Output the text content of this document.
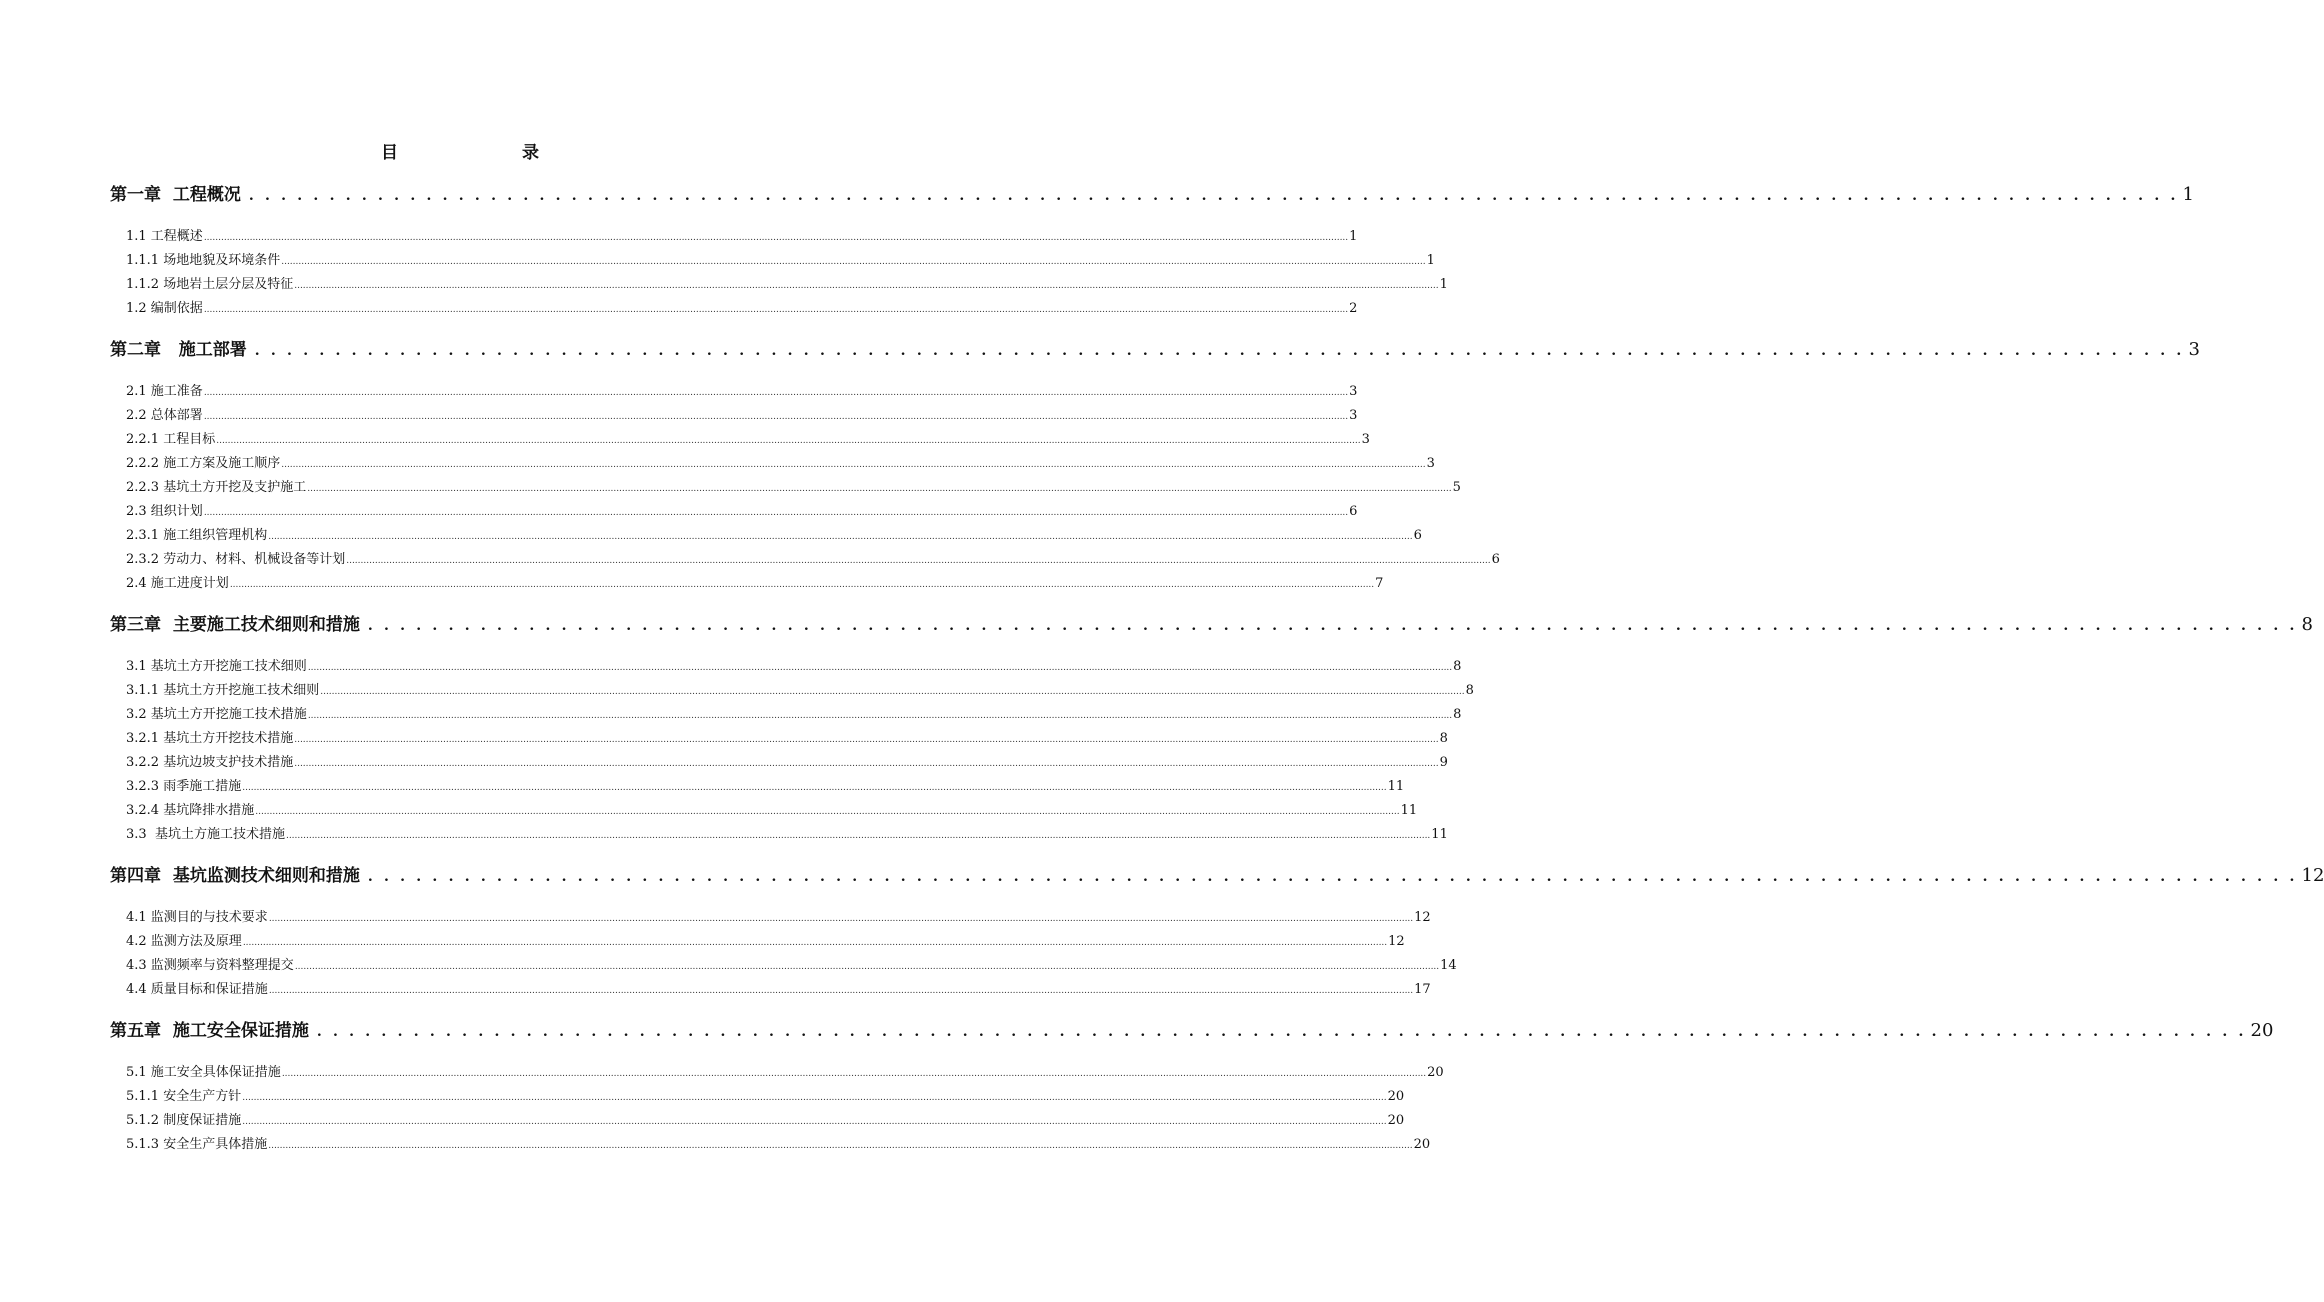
目　　录
第一章  工程概况 . . . . . . . . . . . . . . . . . . . . . . . . . . . . . . . . . . . . . . . . . . . . . . . . . . . . . . . . . . . . . . . . . . . . . . . . . . . . . . . . . . . . . . . . . . . . . . . . . . . . . . . . . . . . . . . . . . . . . . . . 1
1.1 工程概述 ................................................................................................................................................................................................................................................................................................................................................................................................................ 1
1.1.1 场地地貌及环境条件 ................................................................................................................................................................................................................................................................................................................................................................................................................ 1
1.1.2 场地岩土层分层及特征 ................................................................................................................................................................................................................................................................................................................................................................................................................ 1
1.2 编制依据 ................................................................................................................................................................................................................................................................................................................................................................................................................ 2
第二章   施工部署 . . . . . . . . . . . . . . . . . . . . . . . . . . . . . . . . . . . . . . . . . . . . . . . . . . . . . . . . . . . . . . . . . . . . . . . . . . . . . . . . . . . . . . . . . . . . . . . . . . . . . . . . . . . . . . . . . . . . . . . . 3
2.1 施工准备 ................................................................................................................................................................................................................................................................................................................................................................................................................ 3
2.2 总体部署 ................................................................................................................................................................................................................................................................................................................................................................................................................ 3
2.2.1 工程目标 ................................................................................................................................................................................................................................................................................................................................................................................................................ 3
2.2.2 施工方案及施工顺序 ................................................................................................................................................................................................................................................................................................................................................................................................................ 3
2.2.3 基坑土方开挖及支护施工 ................................................................................................................................................................................................................................................................................................................................................................................................................ 5
2.3 组织计划 ................................................................................................................................................................................................................................................................................................................................................................................................................ 6
2.3.1 施工组织管理机构 ................................................................................................................................................................................................................................................................................................................................................................................................................ 6
2.3.2 劳动力、材料、机械设备等计划 ................................................................................................................................................................................................................................................................................................................................................................................................................ 6
2.4 施工进度计划 ................................................................................................................................................................................................................................................................................................................................................................................................................ 7
第三章  主要施工技术细则和措施 . . . . . . . . . . . . . . . . . . . . . . . . . . . . . . . . . . . . . . . . . . . . . . . . . . . . . . . . . . . . . . . . . . . . . . . . . . . . . . . . . . . . . . . . . . . . . . . . . . . . . . . . . . . . . . . . . . . . . . . . 8
3.1 基坑土方开挖施工技术细则 ................................................................................................................................................................................................................................................................................................................................................................................................................ 8
3.1.1 基坑土方开挖施工技术细则 ................................................................................................................................................................................................................................................................................................................................................................................................................ 8
3.2 基坑土方开挖施工技术措施 ................................................................................................................................................................................................................................................................................................................................................................................................................ 8
3.2.1 基坑土方开挖技术措施 ................................................................................................................................................................................................................................................................................................................................................................................................................ 8
3.2.2 基坑边坡支护技术措施 ................................................................................................................................................................................................................................................................................................................................................................................................................ 9
3.2.3 雨季施工措施 ................................................................................................................................................................................................................................................................................................................................................................................................................ 11
3.2.4 基坑降排水措施 ................................................................................................................................................................................................................................................................................................................................................................................................................ 11
3.3  基坑土方施工技术措施 ................................................................................................................................................................................................................................................................................................................................................................................................................ 11
第四章  基坑监测技术细则和措施 . . . . . . . . . . . . . . . . . . . . . . . . . . . . . . . . . . . . . . . . . . . . . . . . . . . . . . . . . . . . . . . . . . . . . . . . . . . . . . . . . . . . . . . . . . . . . . . . . . . . . . . . . . . . . . . . . . . . . . . . 12
4.1 监测目的与技术要求 ................................................................................................................................................................................................................................................................................................................................................................................................................ 12
4.2 监测方法及原理 ................................................................................................................................................................................................................................................................................................................................................................................................................ 12
4.3 监测频率与资料整理提交 ................................................................................................................................................................................................................................................................................................................................................................................................................ 14
4.4 质量目标和保证措施 ................................................................................................................................................................................................................................................................................................................................................................................................................ 17
第五章  施工安全保证措施 . . . . . . . . . . . . . . . . . . . . . . . . . . . . . . . . . . . . . . . . . . . . . . . . . . . . . . . . . . . . . . . . . . . . . . . . . . . . . . . . . . . . . . . . . . . . . . . . . . . . . . . . . . . . . . . . . . . . . . . . 20
5.1 施工安全具体保证措施 ................................................................................................................................................................................................................................................................................................................................................................................................................ 20
5.1.1 安全生产方针 ................................................................................................................................................................................................................................................................................................................................................................................................................ 20
5.1.2 制度保证措施 ................................................................................................................................................................................................................................................................................................................................................................................................................ 20
5.1.3 安全生产具体措施 ................................................................................................................................................................................................................................................................................................................................................................................................................ 20
